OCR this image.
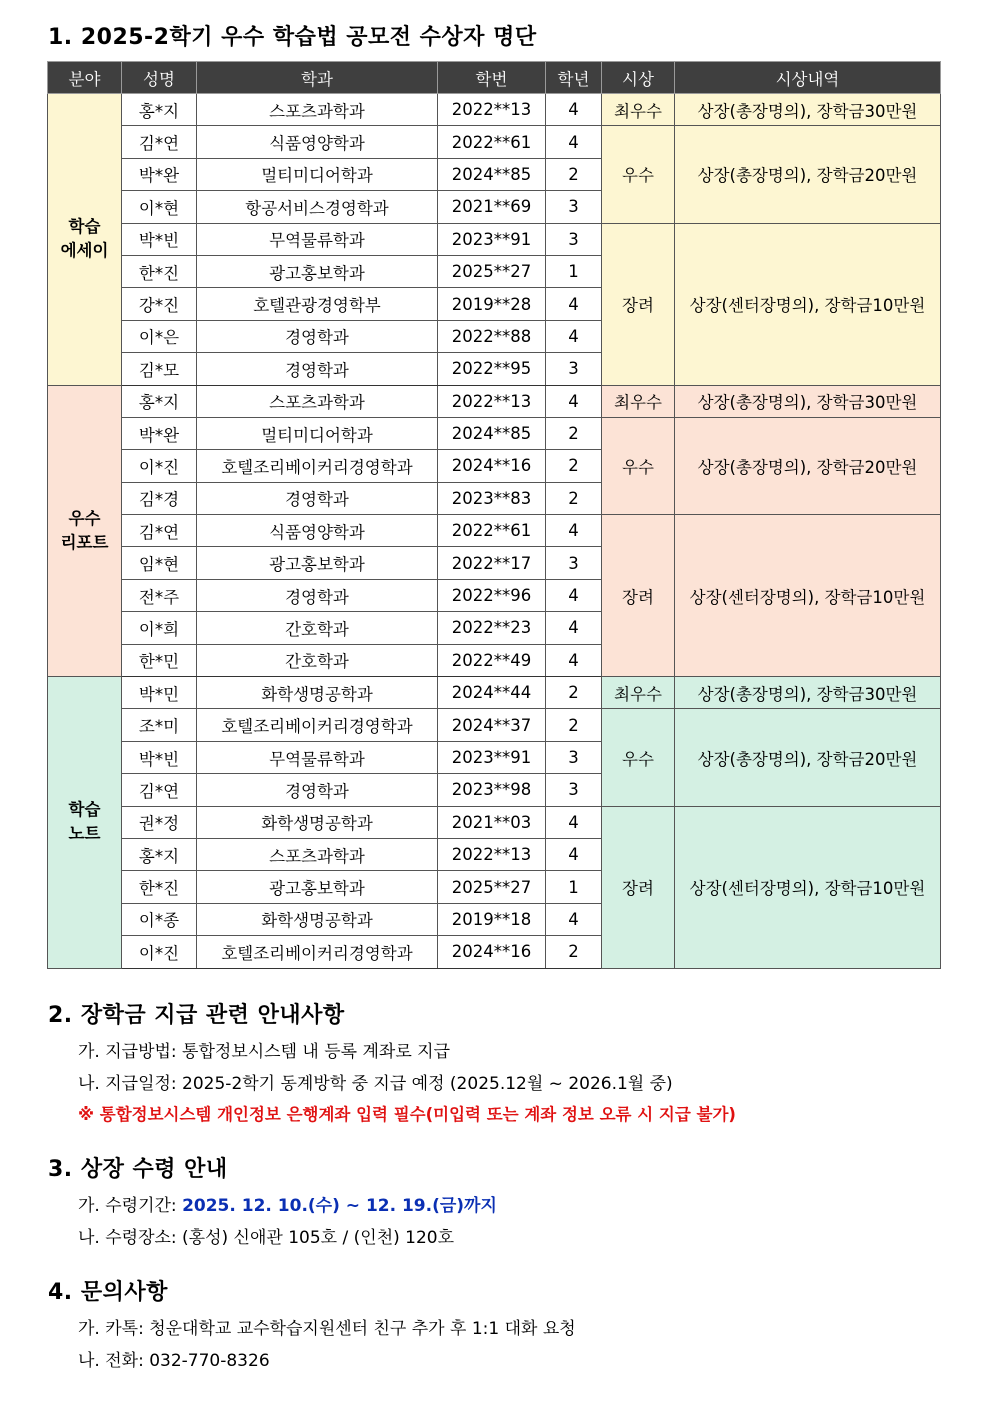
1. 2025-2학기 우수 학습법 공모전 수상자 명단
분야	성명	학과	학번	학년	시상	시상내역

학습
에세이	홍*지	스포츠과학과	2022**13	4	최우수	상장(총장명의), 장학금30만원
	김*연	식품영양학과	2022**61	4	우수	상장(총장명의), 장학금20만원
	박*완	멀티미디어학과	2024**85	2		
	이*현	항공서비스경영학과	2021**69	3		
	박*빈	무역물류학과	2023**91	3	장려	상장(센터장명의), 장학금10만원
	한*진	광고홍보학과	2025**27	1		
	강*진	호텔관광경영학부	2019**28	4		
	이*은	경영학과	2022**88	4		
	김*모	경영학과	2022**95	3		

우수
리포트	홍*지	스포츠과학과	2022**13	4	최우수	상장(총장명의), 장학금30만원
	박*완	멀티미디어학과	2024**85	2	우수	상장(총장명의), 장학금20만원
	이*진	호텔조리베이커리경영학과	2024**16	2		
	김*경	경영학과	2023**83	2		
	김*연	식품영양학과	2022**61	4	장려	상장(센터장명의), 장학금10만원
	임*현	광고홍보학과	2022**17	3		
	전*주	경영학과	2022**96	4		
	이*희	간호학과	2022**23	4		
	한*민	간호학과	2022**49	4		

학습
노트	박*민	화학생명공학과	2024**44	2	최우수	상장(총장명의), 장학금30만원
	조*미	호텔조리베이커리경영학과	2024**37	2	우수	상장(총장명의), 장학금20만원
	박*빈	무역물류학과	2023**91	3		
	김*연	경영학과	2023**98	3		
	권*정	화학생명공학과	2021**03	4	장려	상장(센터장명의), 장학금10만원
	홍*지	스포츠과학과	2022**13	4		
	한*진	광고홍보학과	2025**27	1		
	이*종	화학생명공학과	2019**18	4		
	이*진	호텔조리베이커리경영학과	2024**16	2		
2. 장학금 지급 관련 안내사항
가. 지급방법: 통합정보시스템 내 등록 계좌로 지급
나. 지급일정: 2025-2학기 동계방학 중 지급 예정 (2025.12월 ~ 2026.1월 중)
※ 통합정보시스템 개인정보 은행계좌 입력 필수(미입력 또는 계좌 정보 오류 시 지급 불가)
3. 상장 수령 안내
가. 수령기간: 2025. 12. 10.(수) ~ 12. 19.(금)까지
나. 수령장소: (홍성) 신애관 105호 / (인천) 120호
4. 문의사항
가. 카톡: 청운대학교 교수학습지원센터 친구 추가 후 1:1 대화 요청
나. 전화: 032-770-8326
